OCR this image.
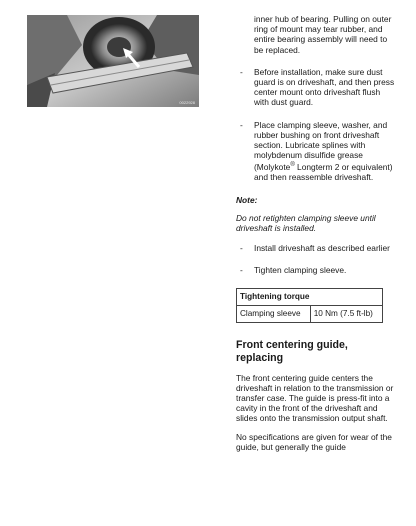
0022928

inner hub of bearing. Pulling on outer ring of mount may tear rubber, and entire bearing assembly will need to be replaced.

- Before installation, make sure dust guard is on driveshaft, and then press center mount onto driveshaft flush with dust guard.

- Place clamping sleeve, washer, and rubber bushing on front driveshaft section. Lubricate splines with molybdenum disulfide grease (Molykote® Longterm 2 or equivalent) and then reassemble driveshaft.

Note:

Do not retighten clamping sleeve until driveshaft is installed.

- Install driveshaft as described earlier

- Tighten clamping sleeve.

Tightening torque
Clamping sleeve	10 Nm (7.5 ft-lb)
Front centering guide, replacing

The front centering guide centers the driveshaft in relation to the transmission or transfer case. The guide is press-fit into a cavity in the front of the driveshaft and slides onto the transmission output shaft.

No specifications are given for wear of the guide, but generally the guide
